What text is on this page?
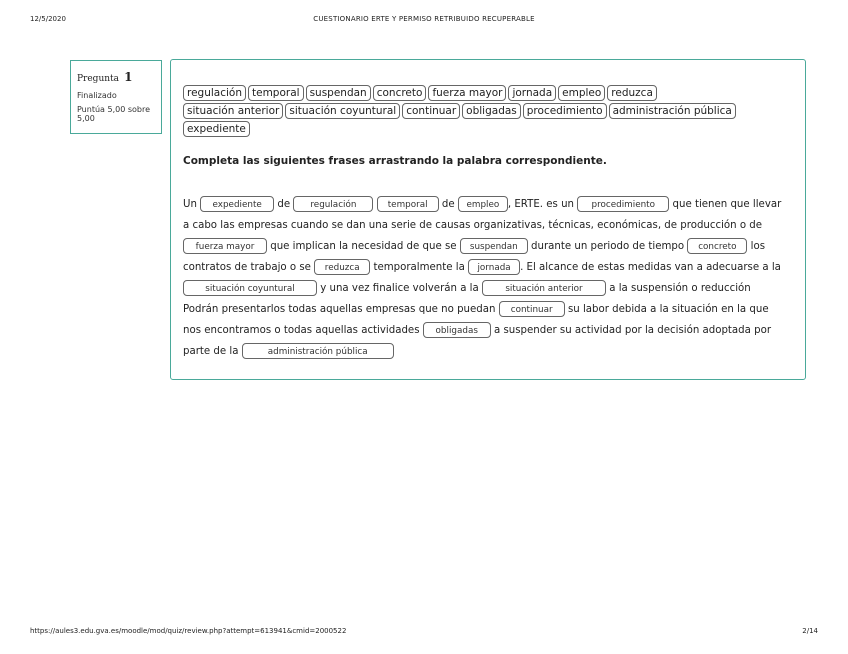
12/5/2020	CUESTIONARIO ERTE Y PERMISO RETRIBUIDO RECUPERABLE
Pregunta 1
Finalizado
Puntúa 5,00 sobre 5,00
regulación temporal suspendan concreto fuerza mayor jornada empleo reduzca
situación anterior situación coyuntural continuar obligadas procedimiento administración pública
expediente
Completa las siguientes frases arrastrando la palabra correspondiente.
Un expediente de regulación	temporal de empleo , ERTE. es un procedimiento que tienen que llevar a cabo las empresas cuando se dan una serie de causas organizativas, técnicas, económicas, de producción o de fuerza mayor que implican la necesidad de que se suspendan durante un periodo de tiempo concreto los contratos de trabajo o se reduzca temporalmente la jornada . El alcance de estas medidas van a adecuarse a la situación coyuntural y una vez finalice volverán a la	situación anterior	a la suspensión o reducción Podrán presentarlos todas aquellas empresas que no puedan continuar su labor debida a la situación en la que nos encontramos o todas aquellas actividades obligadas a suspender su actividad por la decisión adoptada por parte de la	administración pública
https://aules3.edu.gva.es/moodle/mod/quiz/review.php?attempt=613941&cmid=2000522	2/14
